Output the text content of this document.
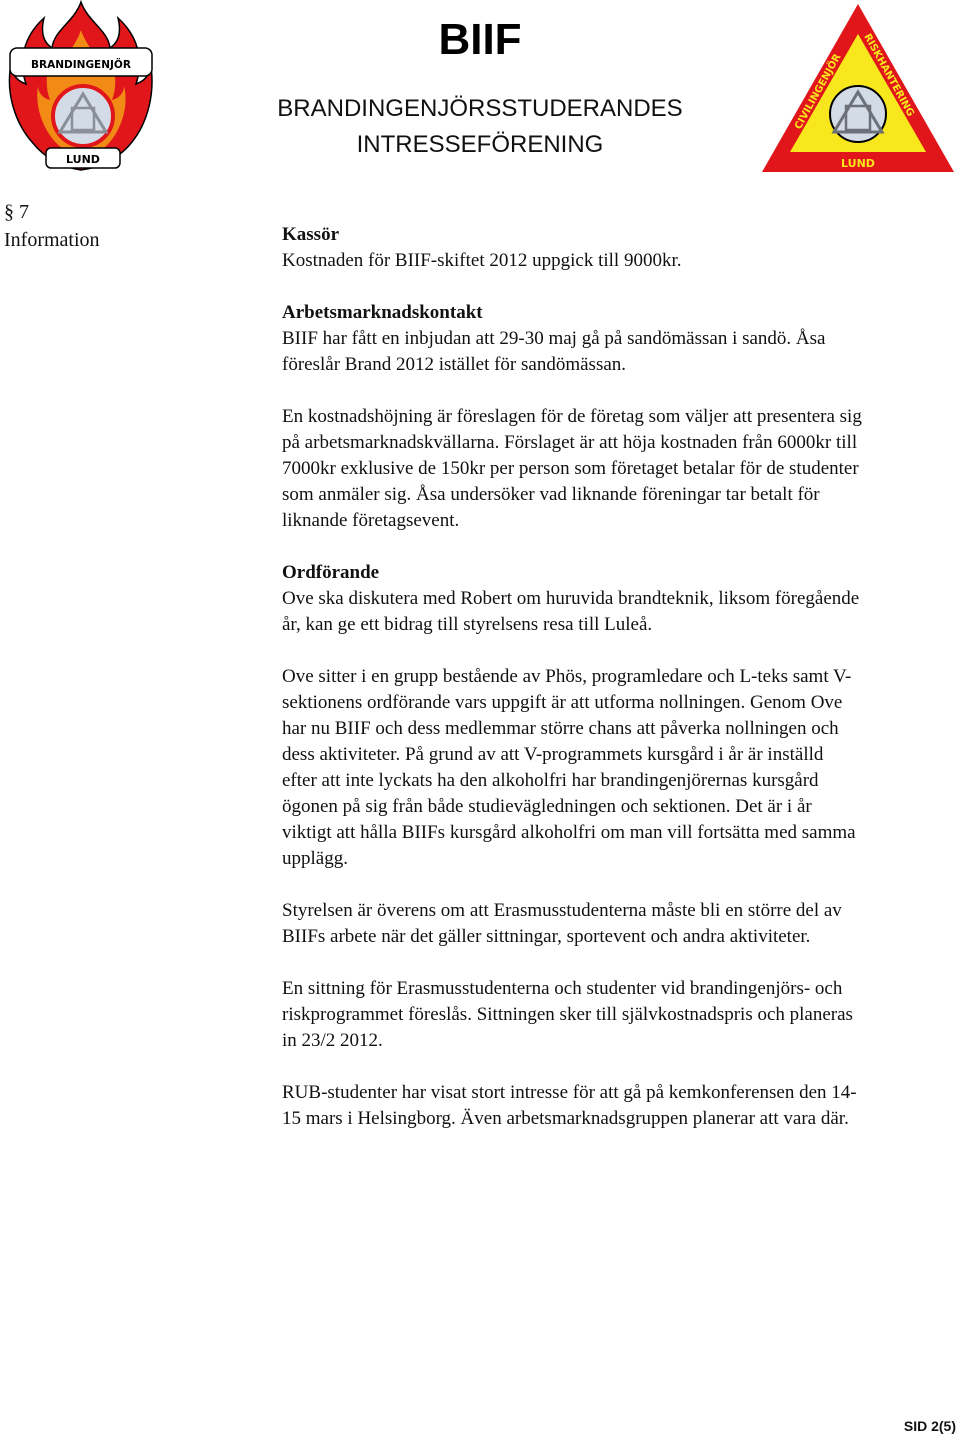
BRANDINGENJÖR
LUND
BIIF
BRANDINGENJÖRSSTUDERANDES
INTRESSEFÖRENING
CIVILINGENJÖR
RISKHANTERING
LUND
§ 7
Information	Kassör

Kostnaden för BIIF-skiftet 2012 uppgick till 9000kr.

Arbetsmarknadskontakt

BIIF har fått en inbjudan att 29-30 maj gå på sandömässan i sandö. Åsa föreslår Brand 2012 istället för sandömässan.

En kostnadshöjning är föreslagen för de företag som väljer att presentera sig på arbetsmarknadskvällarna. Förslaget är att höja kostnaden från 6000kr till 7000kr exklusive de 150kr per person som företaget betalar för de studenter som anmäler sig. Åsa undersöker vad liknande föreningar tar betalt för liknande företagsevent.

Ordförande

Ove ska diskutera med Robert om huruvida brandteknik, liksom föregående år, kan ge ett bidrag till styrelsens resa till Luleå.

Ove sitter i en grupp bestående av Phös, programledare och L-teks samt V-sektionens ordförande vars uppgift är att utforma nollningen. Genom Ove har nu BIIF och dess medlemmar större chans att påverka nollningen och dess aktiviteter. På grund av att V-programmets kursgård i år är inställd efter att inte lyckats ha den alkoholfri har brandingenjörernas kursgård ögonen på sig från både studievägledningen och sektionen. Det är i år viktigt att hålla BIIFs kursgård alkoholfri om man vill fortsätta med samma upplägg.

Styrelsen är överens om att Erasmusstudenterna måste bli en större del av BIIFs arbete när det gäller sittningar, sportevent och andra aktiviteter.

En sittning för Erasmusstudenterna och studenter vid brandingenjörs- och riskprogrammet föreslås. Sittningen sker till självkostnadspris och planeras in 23/2 2012.

RUB-studenter har visat stort intresse för att gå på kemkonferensen den 14-15 mars i Helsingborg. Även arbetsmarknadsgruppen planerar att vara där.

SID 2(5)
